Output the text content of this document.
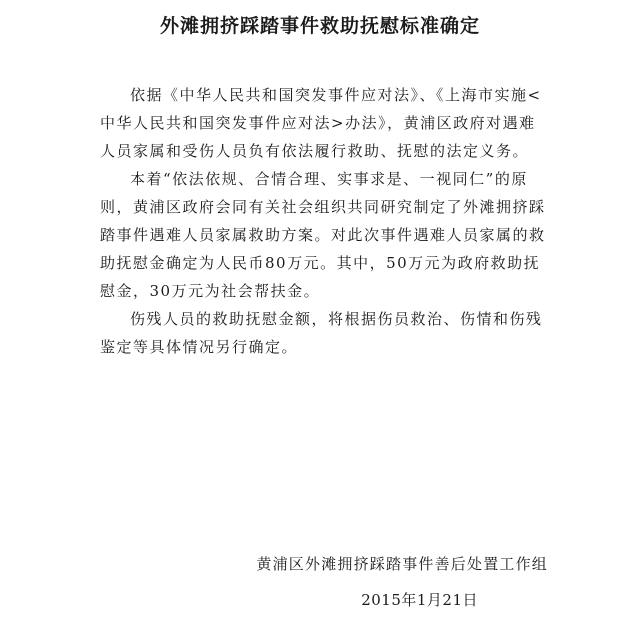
外滩拥挤踩踏事件救助抚慰标准确定

依据《中华人民共和国突发事件应对法》、《上海市实施<中华人民共和国突发事件应对法>办法》，黄浦区政府对遇难人员家属和受伤人员负有依法履行救助、抚慰的法定义务。

本着“依法依规、合情合理、实事求是、一视同仁”的原则，黄浦区政府会同有关社会组织共同研究制定了外滩拥挤踩踏事件遇难人员家属救助方案。对此次事件遇难人员家属的救助抚慰金确定为人民币80万元。其中，50万元为政府救助抚慰金，30万元为社会帮扶金。

伤残人员的救助抚慰金额，将根据伤员救治、伤情和伤残鉴定等具体情况另行确定。

黄浦区外滩拥挤踩踏事件善后处置工作组
2015年1月21日
